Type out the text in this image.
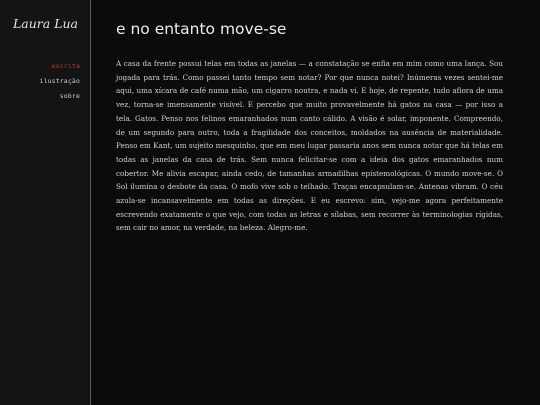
Laura Lua
escrita
ilustração
sobre
e no entanto move-se

A casa da frente possui telas em todas as janelas — a constatação se enfia em mim como uma lança. Sou jogada para trás. Como passei tanto tempo sem notar? Por que nunca notei? Inúmeras vezes sentei-me aqui, uma xícara de café numa mão, um cigarro noutra, e nada vi. E hoje, de repente, tudo aflora de uma vez, torna-se imensamente visível. E percebo que muito provavelmente há gatos na casa — por isso a tela. Gatos. Penso nos felinos emaranhados num canto cálido. A visão é solar, imponente. Compreendo, de um segundo para outro, toda a fragilidade dos conceitos, moldados na ausência de materialidade. Penso em Kant, um sujeito mesquinho, que em meu lugar passaria anos sem nunca notar que há telas em todas as janelas da casa de trás. Sem nunca felicitar-se com a ideia dos gatos emaranhados num cobertor. Me alivia escapar, ainda cedo, de tamanhas armadilhas epistemológicas. O mundo move-se. O Sol ilumina o desbote da casa. O mofo vive sob o telhado. Traças encapsulam-se. Antenas vibram. O céu azula-se incansavelmente em todas as direções. E eu escrevo: sim, vejo-me agora perfeitamente escrevendo exatamente o que vejo, com todas as letras e sílabas, sem recorrer às terminologias rígidas, sem cair no amor, na verdade, na beleza. Alegro-me.
